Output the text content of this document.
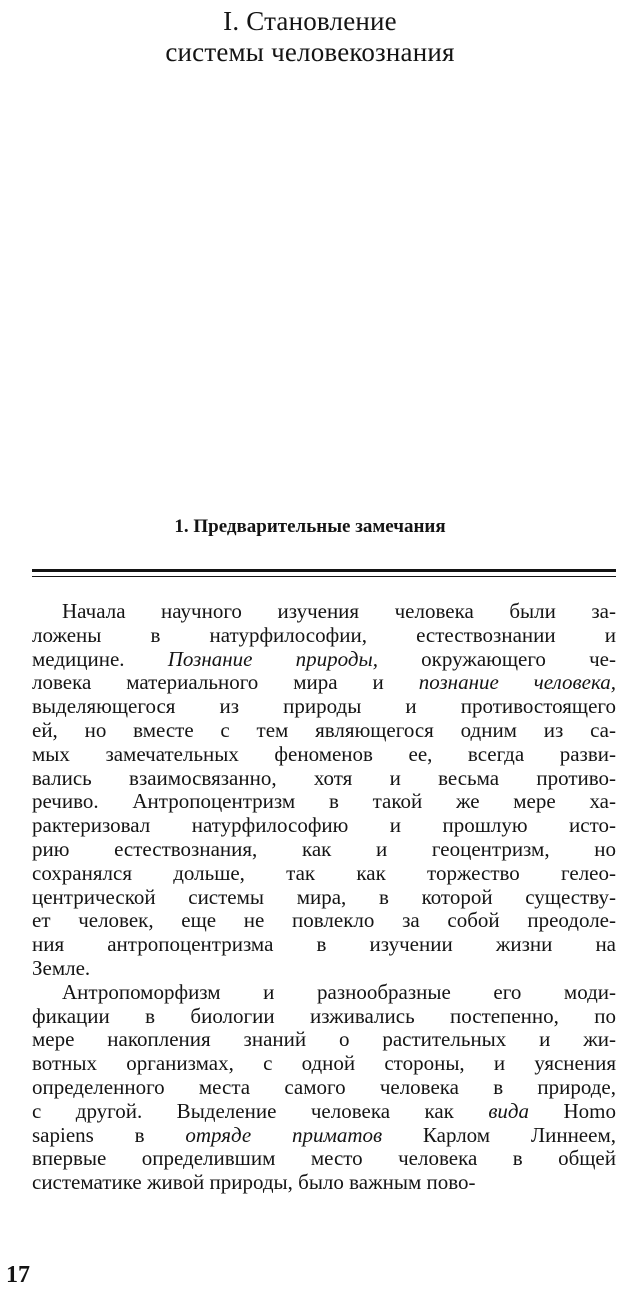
I. Становление
системы человекознания
1. Предварительные замечания
Начала научного изучения человека были за-
ложены в натурфилософии, естествознании и
медицине. Познание природы, окружающего че-
ловека материального мира и познание человека,
выделяющегося из природы и противостоящего
ей, но вместе с тем являющегося одним из са-
мых замечательных феноменов ее, всегда разви-
вались взаимосвязанно, хотя и весьма противо-
речиво. Антропоцентризм в такой же мере ха-
рактеризовал натурфилософию и прошлую исто-
рию естествознания, как и геоцентризм, но
сохранялся дольше, так как торжество гелео-
центрической системы мира, в которой существу-
ет человек, еще не повлекло за собой преодоле-
ния антропоцентризма в изучении жизни на
Земле.
Антропоморфизм и разнообразные его моди-
фикации в биологии изживались постепенно, по
мере накопления знаний о растительных и жи-
вотных организмах, с одной стороны, и уяснения
определенного места самого человека в природе,
с другой. Выделение человека как вида Homo
sapiens в отряде приматов Карлом Линнеем,
впервые определившим место человека в общей
систематике живой природы, было важным пово-
17
